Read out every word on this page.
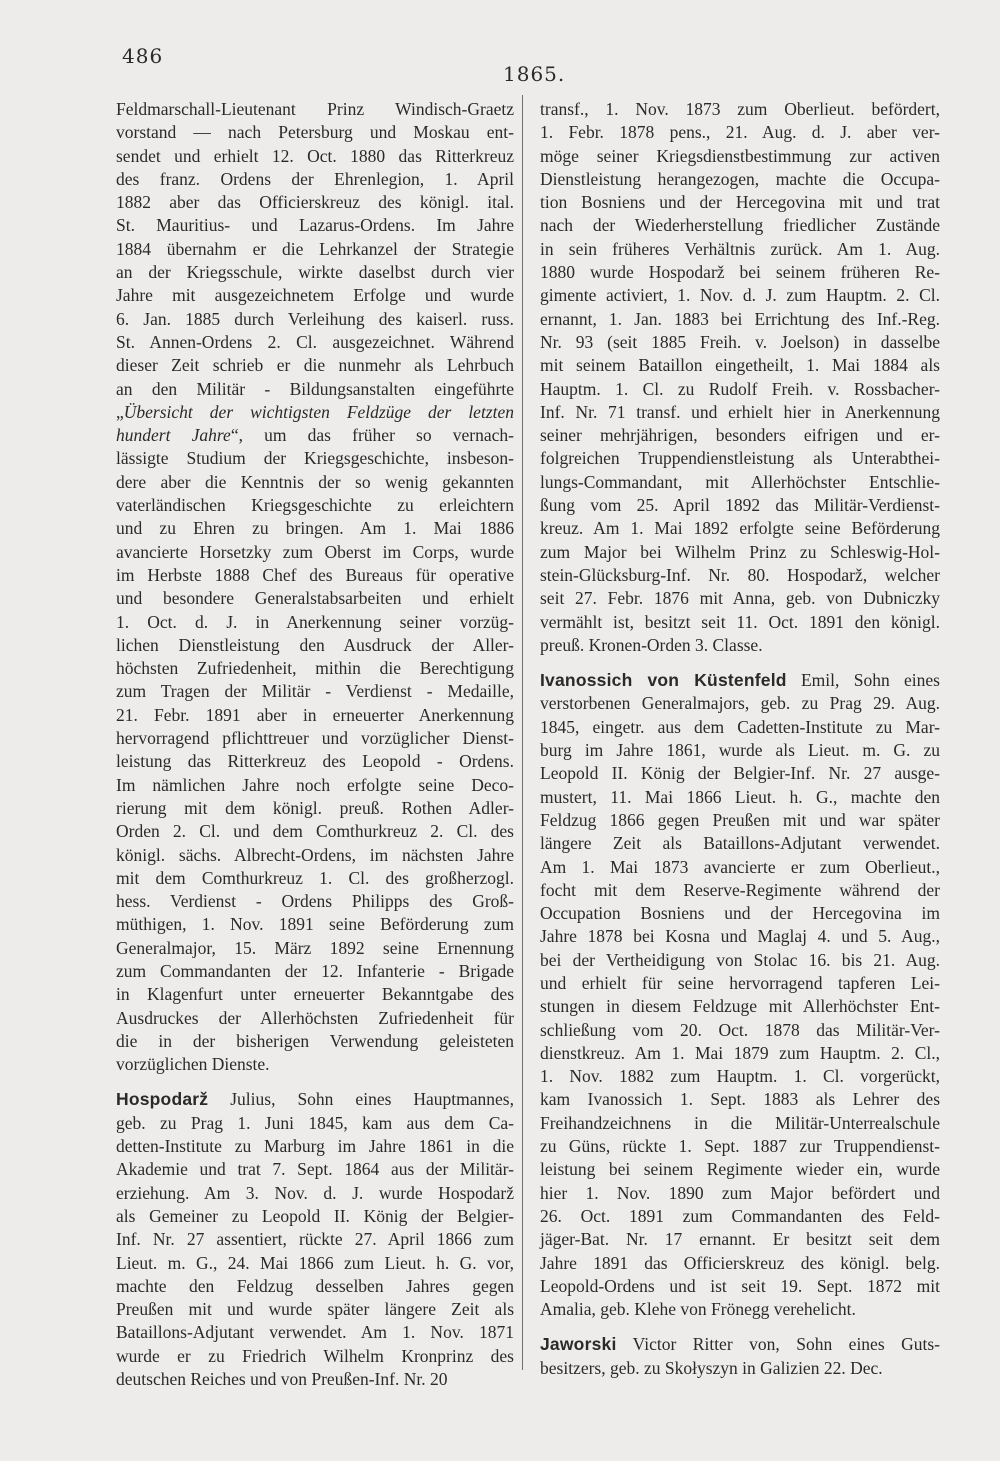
486
1865.
Feldmarschall-Lieutenant Prinz Windisch-Graetz
vorstand — nach Petersburg und Moskau ent-
sendet und erhielt 12. Oct. 1880 das Ritterkreuz
des franz. Ordens der Ehrenlegion, 1. April
1882 aber das Officierskreuz des königl. ital.
St. Mauritius- und Lazarus-Ordens. Im Jahre
1884 übernahm er die Lehrkanzel der Strategie
an der Kriegsschule, wirkte daselbst durch vier
Jahre mit ausgezeichnetem Erfolge und wurde
6. Jan. 1885 durch Verleihung des kaiserl. russ.
St. Annen-Ordens 2. Cl. ausgezeichnet. Während
dieser Zeit schrieb er die nunmehr als Lehrbuch
an den Militär - Bildungsanstalten eingeführte
„Übersicht der wichtigsten Feldzüge der letzten
hundert Jahre“, um das früher so vernach-
lässigte Studium der Kriegsgeschichte, insbeson-
dere aber die Kenntnis der so wenig gekannten
vaterländischen Kriegsgeschichte zu erleichtern
und zu Ehren zu bringen. Am 1. Mai 1886
avancierte Horsetzky zum Oberst im Corps, wurde
im Herbste 1888 Chef des Bureaus für operative
und besondere Generalstabsarbeiten und erhielt
1. Oct. d. J. in Anerkennung seiner vorzüg-
lichen Dienstleistung den Ausdruck der Aller-
höchsten Zufriedenheit, mithin die Berechtigung
zum Tragen der Militär - Verdienst - Medaille,
21. Febr. 1891 aber in erneuerter Anerkennung
hervorragend pflichttreuer und vorzüglicher Dienst-
leistung das Ritterkreuz des Leopold - Ordens.
Im nämlichen Jahre noch erfolgte seine Deco-
rierung mit dem königl. preuß. Rothen Adler-
Orden 2. Cl. und dem Comthurkreuz 2. Cl. des
königl. sächs. Albrecht-Ordens, im nächsten Jahre
mit dem Comthurkreuz 1. Cl. des großherzogl.
hess. Verdienst - Ordens Philipps des Groß-
müthigen, 1. Nov. 1891 seine Beförderung zum
Generalmajor, 15. März 1892 seine Ernennung
zum Commandanten der 12. Infanterie - Brigade
in Klagenfurt unter erneuerter Bekanntgabe des
Ausdruckes der Allerhöchsten Zufriedenheit für
die in der bisherigen Verwendung geleisteten
vorzüglichen Dienste.
Hospodarž Julius, Sohn eines Hauptmannes,
geb. zu Prag 1. Juni 1845, kam aus dem Ca-
detten-Institute zu Marburg im Jahre 1861 in die
Akademie und trat 7. Sept. 1864 aus der Militär-
erziehung. Am 3. Nov. d. J. wurde Hospodarž
als Gemeiner zu Leopold II. König der Belgier-
Inf. Nr. 27 assentiert, rückte 27. April 1866 zum
Lieut. m. G., 24. Mai 1866 zum Lieut. h. G. vor,
machte den Feldzug desselben Jahres gegen
Preußen mit und wurde später längere Zeit als
Bataillons-Adjutant verwendet. Am 1. Nov. 1871
wurde er zu Friedrich Wilhelm Kronprinz des
deutschen Reiches und von Preußen-Inf. Nr. 20
transf., 1. Nov. 1873 zum Oberlieut. befördert,
1. Febr. 1878 pens., 21. Aug. d. J. aber ver-
möge seiner Kriegsdienstbestimmung zur activen
Dienstleistung herangezogen, machte die Occupa-
tion Bosniens und der Hercegovina mit und trat
nach der Wiederherstellung friedlicher Zustände
in sein früheres Verhältnis zurück. Am 1. Aug.
1880 wurde Hospodarž bei seinem früheren Re-
gimente activiert, 1. Nov. d. J. zum Hauptm. 2. Cl.
ernannt, 1. Jan. 1883 bei Errichtung des Inf.-Reg.
Nr. 93 (seit 1885 Freih. v. Joelson) in dasselbe
mit seinem Bataillon eingetheilt, 1. Mai 1884 als
Hauptm. 1. Cl. zu Rudolf Freih. v. Rossbacher-
Inf. Nr. 71 transf. und erhielt hier in Anerkennung
seiner mehrjährigen, besonders eifrigen und er-
folgreichen Truppendienstleistung als Unterabthei-
lungs-Commandant, mit Allerhöchster Entschlie-
ßung vom 25. April 1892 das Militär-Verdienst-
kreuz. Am 1. Mai 1892 erfolgte seine Beförderung
zum Major bei Wilhelm Prinz zu Schleswig-Hol-
stein-Glücksburg-Inf. Nr. 80. Hospodarž, welcher
seit 27. Febr. 1876 mit Anna, geb. von Dubniczky
vermählt ist, besitzt seit 11. Oct. 1891 den königl.
preuß. Kronen-Orden 3. Classe.
Ivanossich von Küstenfeld Emil, Sohn eines
verstorbenen Generalmajors, geb. zu Prag 29. Aug.
1845, eingetr. aus dem Cadetten-Institute zu Mar-
burg im Jahre 1861, wurde als Lieut. m. G. zu
Leopold II. König der Belgier-Inf. Nr. 27 ausge-
mustert, 11. Mai 1866 Lieut. h. G., machte den
Feldzug 1866 gegen Preußen mit und war später
längere Zeit als Bataillons-Adjutant verwendet.
Am 1. Mai 1873 avancierte er zum Oberlieut.,
focht mit dem Reserve-Regimente während der
Occupation Bosniens und der Hercegovina im
Jahre 1878 bei Kosna und Maglaj 4. und 5. Aug.,
bei der Vertheidigung von Stolac 16. bis 21. Aug.
und erhielt für seine hervorragend tapferen Lei-
stungen in diesem Feldzuge mit Allerhöchster Ent-
schließung vom 20. Oct. 1878 das Militär-Ver-
dienstkreuz. Am 1. Mai 1879 zum Hauptm. 2. Cl.,
1. Nov. 1882 zum Hauptm. 1. Cl. vorgerückt,
kam Ivanossich 1. Sept. 1883 als Lehrer des
Freihandzeichnens in die Militär-Unterrealschule
zu Güns, rückte 1. Sept. 1887 zur Truppendienst-
leistung bei seinem Regimente wieder ein, wurde
hier 1. Nov. 1890 zum Major befördert und
26. Oct. 1891 zum Commandanten des Feld-
jäger-Bat. Nr. 17 ernannt. Er besitzt seit dem
Jahre 1891 das Officierskreuz des königl. belg.
Leopold-Ordens und ist seit 19. Sept. 1872 mit
Amalia, geb. Klehe von Frönegg verehelicht.
Jaworski Victor Ritter von, Sohn eines Guts-
besitzers, geb. zu Skołyszyn in Galizien 22. Dec.
